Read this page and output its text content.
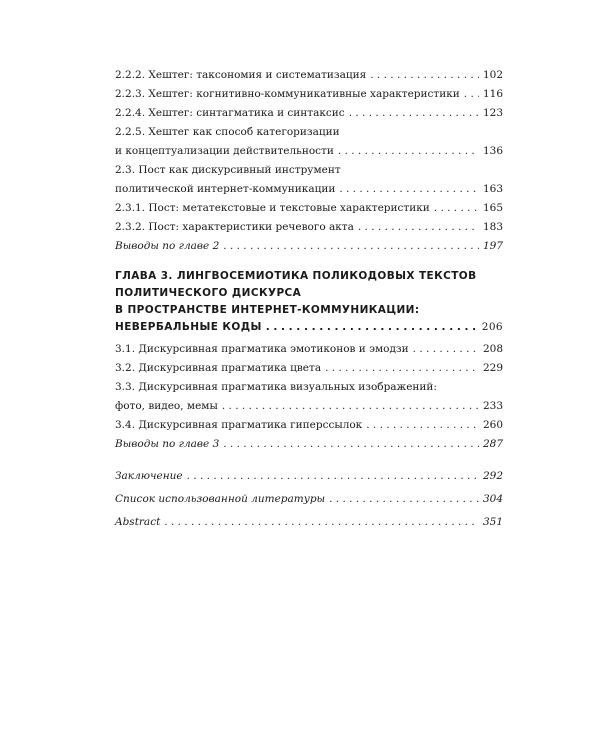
2.2.2. Хештег: таксономия и систематизация . . .	102
2.2.3. Хештег: когнитивно-коммуникативные характеристики . . . 116
2.2.4. Хештег: синтагматика и синтаксис . . .	123
2.2.5. Хештег как способ категоризации
и концептуализации действительности . . .	136
2.3. Пост как дискурсивный инструмент
политической интернет-коммуникации . . .	163
2.3.1. Пост: метатекстовые и текстовые характеристики . . .	165
2.3.2. Пост: характеристики речевого акта . . .	183
Выводы по главе 2 . . .	197
ГЛАВА 3. ЛИНГВОСЕМИОТИКА ПОЛИКОДОВЫХ ТЕКСТОВ
ПОЛИТИЧЕСКОГО ДИСКУРСА
В ПРОСТРАНСТВЕ ИНТЕРНЕТ-КОММУНИКАЦИИ:
НЕВЕРБАЛЬНЫЕ КОДЫ . . .	206
3.1. Дискурсивная прагматика эмотиконов и эмодзи . . .	208
3.2. Дискурсивная прагматика цвета . . .	229
3.3. Дискурсивная прагматика визуальных изображений:
фото, видео, мемы . . .	233
3.4. Дискурсивная прагматика гиперссылок . . .	260
Выводы по главе 3 . . .	287
Заключение . . .	292
Список использованной литературы . . .	304
Abstract . . .	351
